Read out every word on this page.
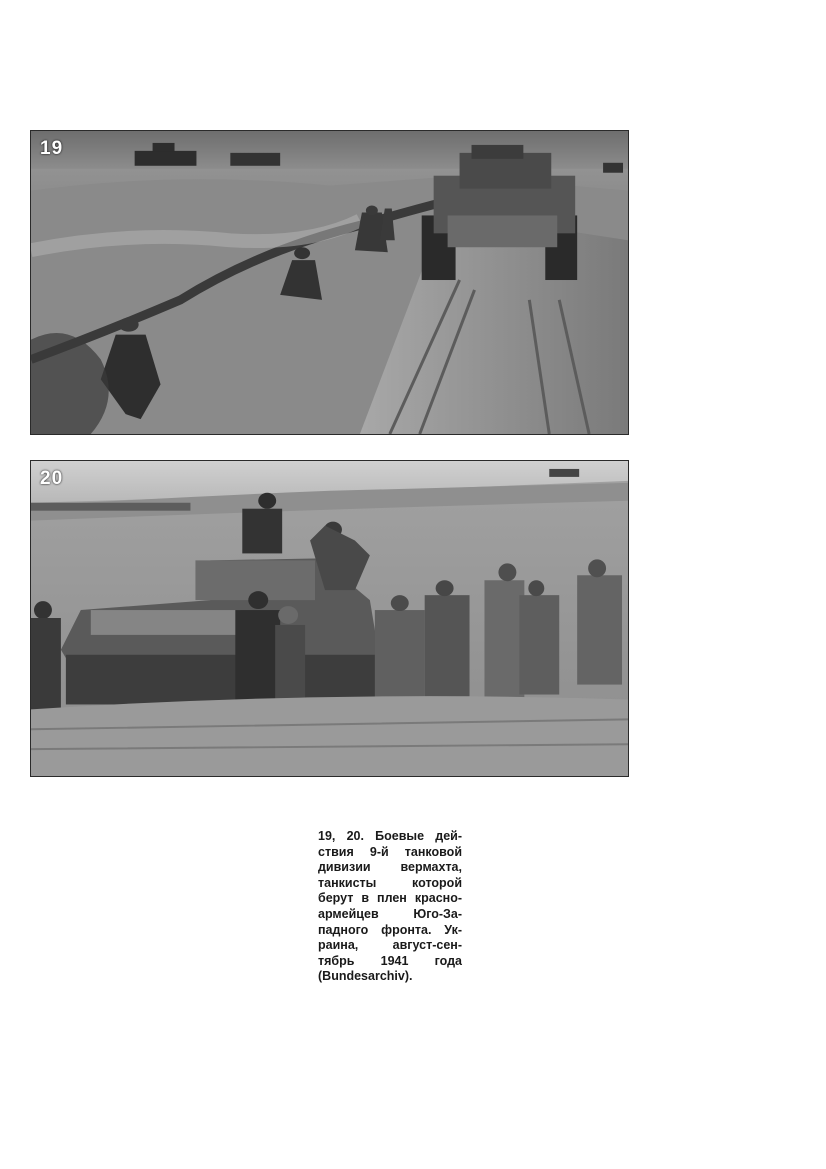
19
20
19, 20. Боевые дей-
ствия 9-й танковой
дивизии вермахта,
танкисты которой
берут в плен красно-
армейцев Юго-За-
падного фронта. Ук-
раина, август-сен-
тябрь 1941 года
(Bundesarchiv).
